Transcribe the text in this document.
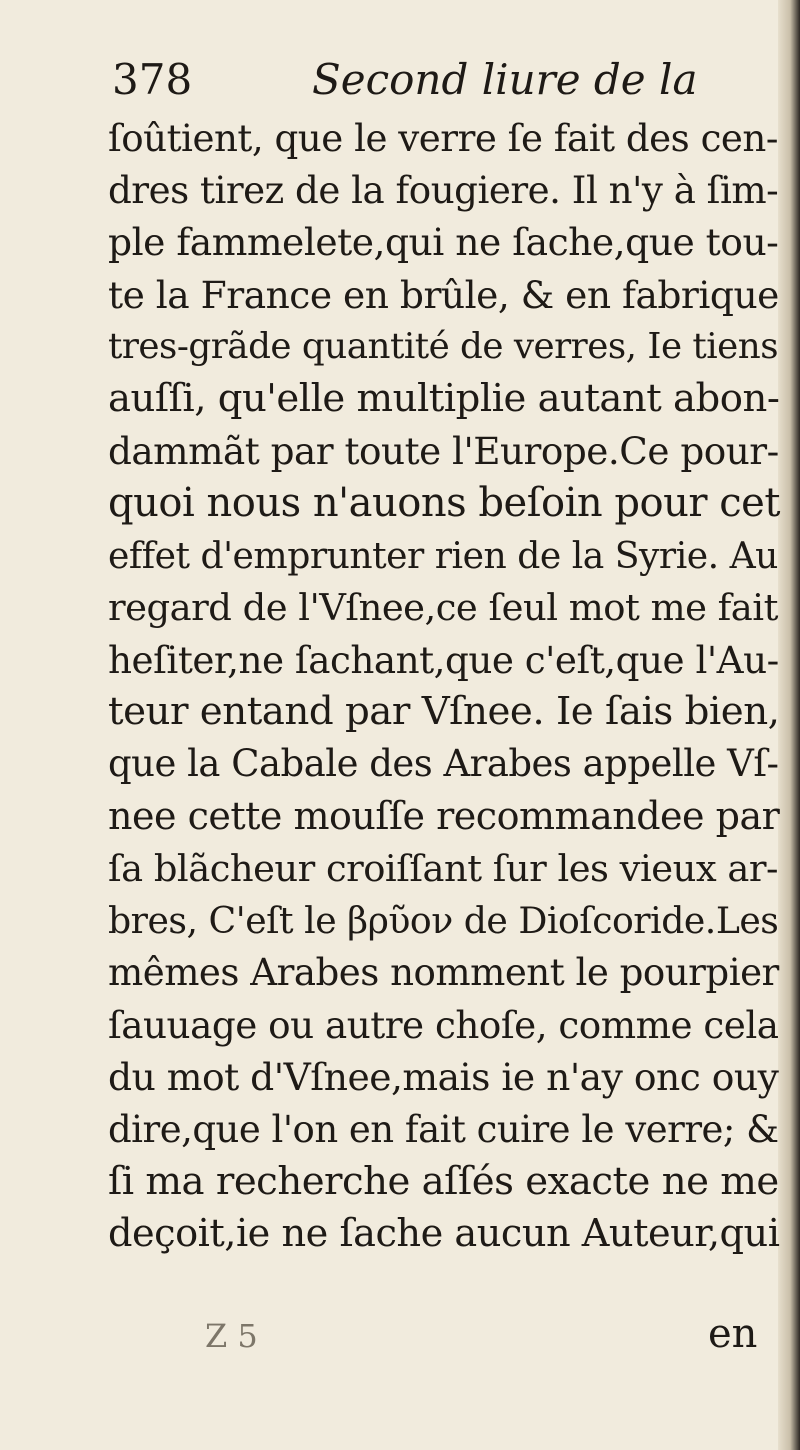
378	Second liure de la
ſoûtient, que le verre ſe fait des cen-
dres tirez de la fougiere. Il n'y à ſim-
ple fammelete,qui ne ſache,que tou-
te la France en brûle, & en fabrique
tres-grãde quantité de verres, Ie tiens
auſſi, qu'elle multiplie autant abon-
dammãt par toute l'Europe.Ce pour-
quoi nous n'auons beſoin pour cet
effet d'emprunter rien de la Syrie. Au
regard de l'Vſnee,ce ſeul mot me fait
heſiter,ne ſachant,que c'eſt,que l'Au-
teur entand par Vſnee. Ie ſais bien,
que la Cabale des Arabes appelle Vſ-
nee cette mouſſe recommandee par
ſa blãcheur croiſſant ſur les vieux ar-
bres, C'eſt le βρῦον de Dioſcoride.Les
mêmes Arabes nomment le pourpier
ſauuage ou autre choſe, comme cela
du mot d'Vſnee,mais ie n'ay onc ouy
dire,que l'on en fait cuire le verre; &
ſi ma recherche aſſés exacte ne me
deçoit,ie ne ſache aucun Auteur,qui
Z 5	en
